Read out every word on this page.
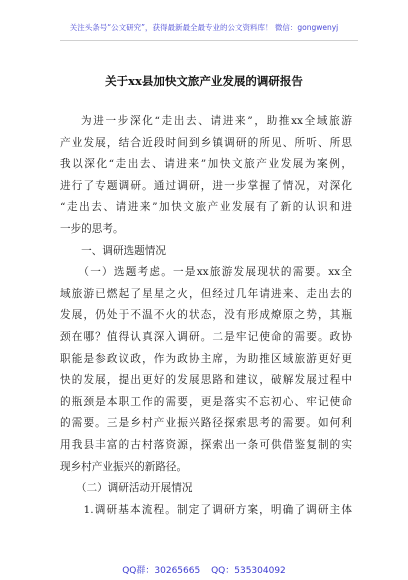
关注头条号“公文研究”，获得最新最全最专业的公文资料库！ 微信：gongwenyj
关于xx县加快文旅产业发展的调研报告
为进一步深化“走出去、请进来”，助推xx全域旅游
产业发展，结合近段时间到乡镇调研的所见、所听、所思
我以深化“走出去、请进来”加快文旅产业发展为案例，
进行了专题调研。通过调研，进一步掌握了情况，对深化
“走出去、请进来”加快文旅产业发展有了新的认识和进
一步的思考。
　　一、调研选题情况
　　（一）选题考虑。一是xx旅游发展现状的需要。xx全
域旅游已燃起了星星之火，但经过几年请进来、走出去的
发展，仍处于不温不火的状态，没有形成燎原之势，其瓶
颈在哪？值得认真深入调研。二是牢记使命的需要。政协
职能是参政议政，作为政协主席，为助推区域旅游更好更
快的发展，提出更好的发展思路和建议，破解发展过程中
的瓶颈是本职工作的需要，更是落实不忘初心、牢记使命
的需要。三是乡村产业振兴路径探索思考的需要。如何利
用我县丰富的古村落资源，探索出一条可供借鉴复制的实
现乡村产业振兴的新路径。
　　（二）调研活动开展情况
　　1.调研基本流程。制定了调研方案，明确了调研主体
QQ群：30265665 QQ：535304092
